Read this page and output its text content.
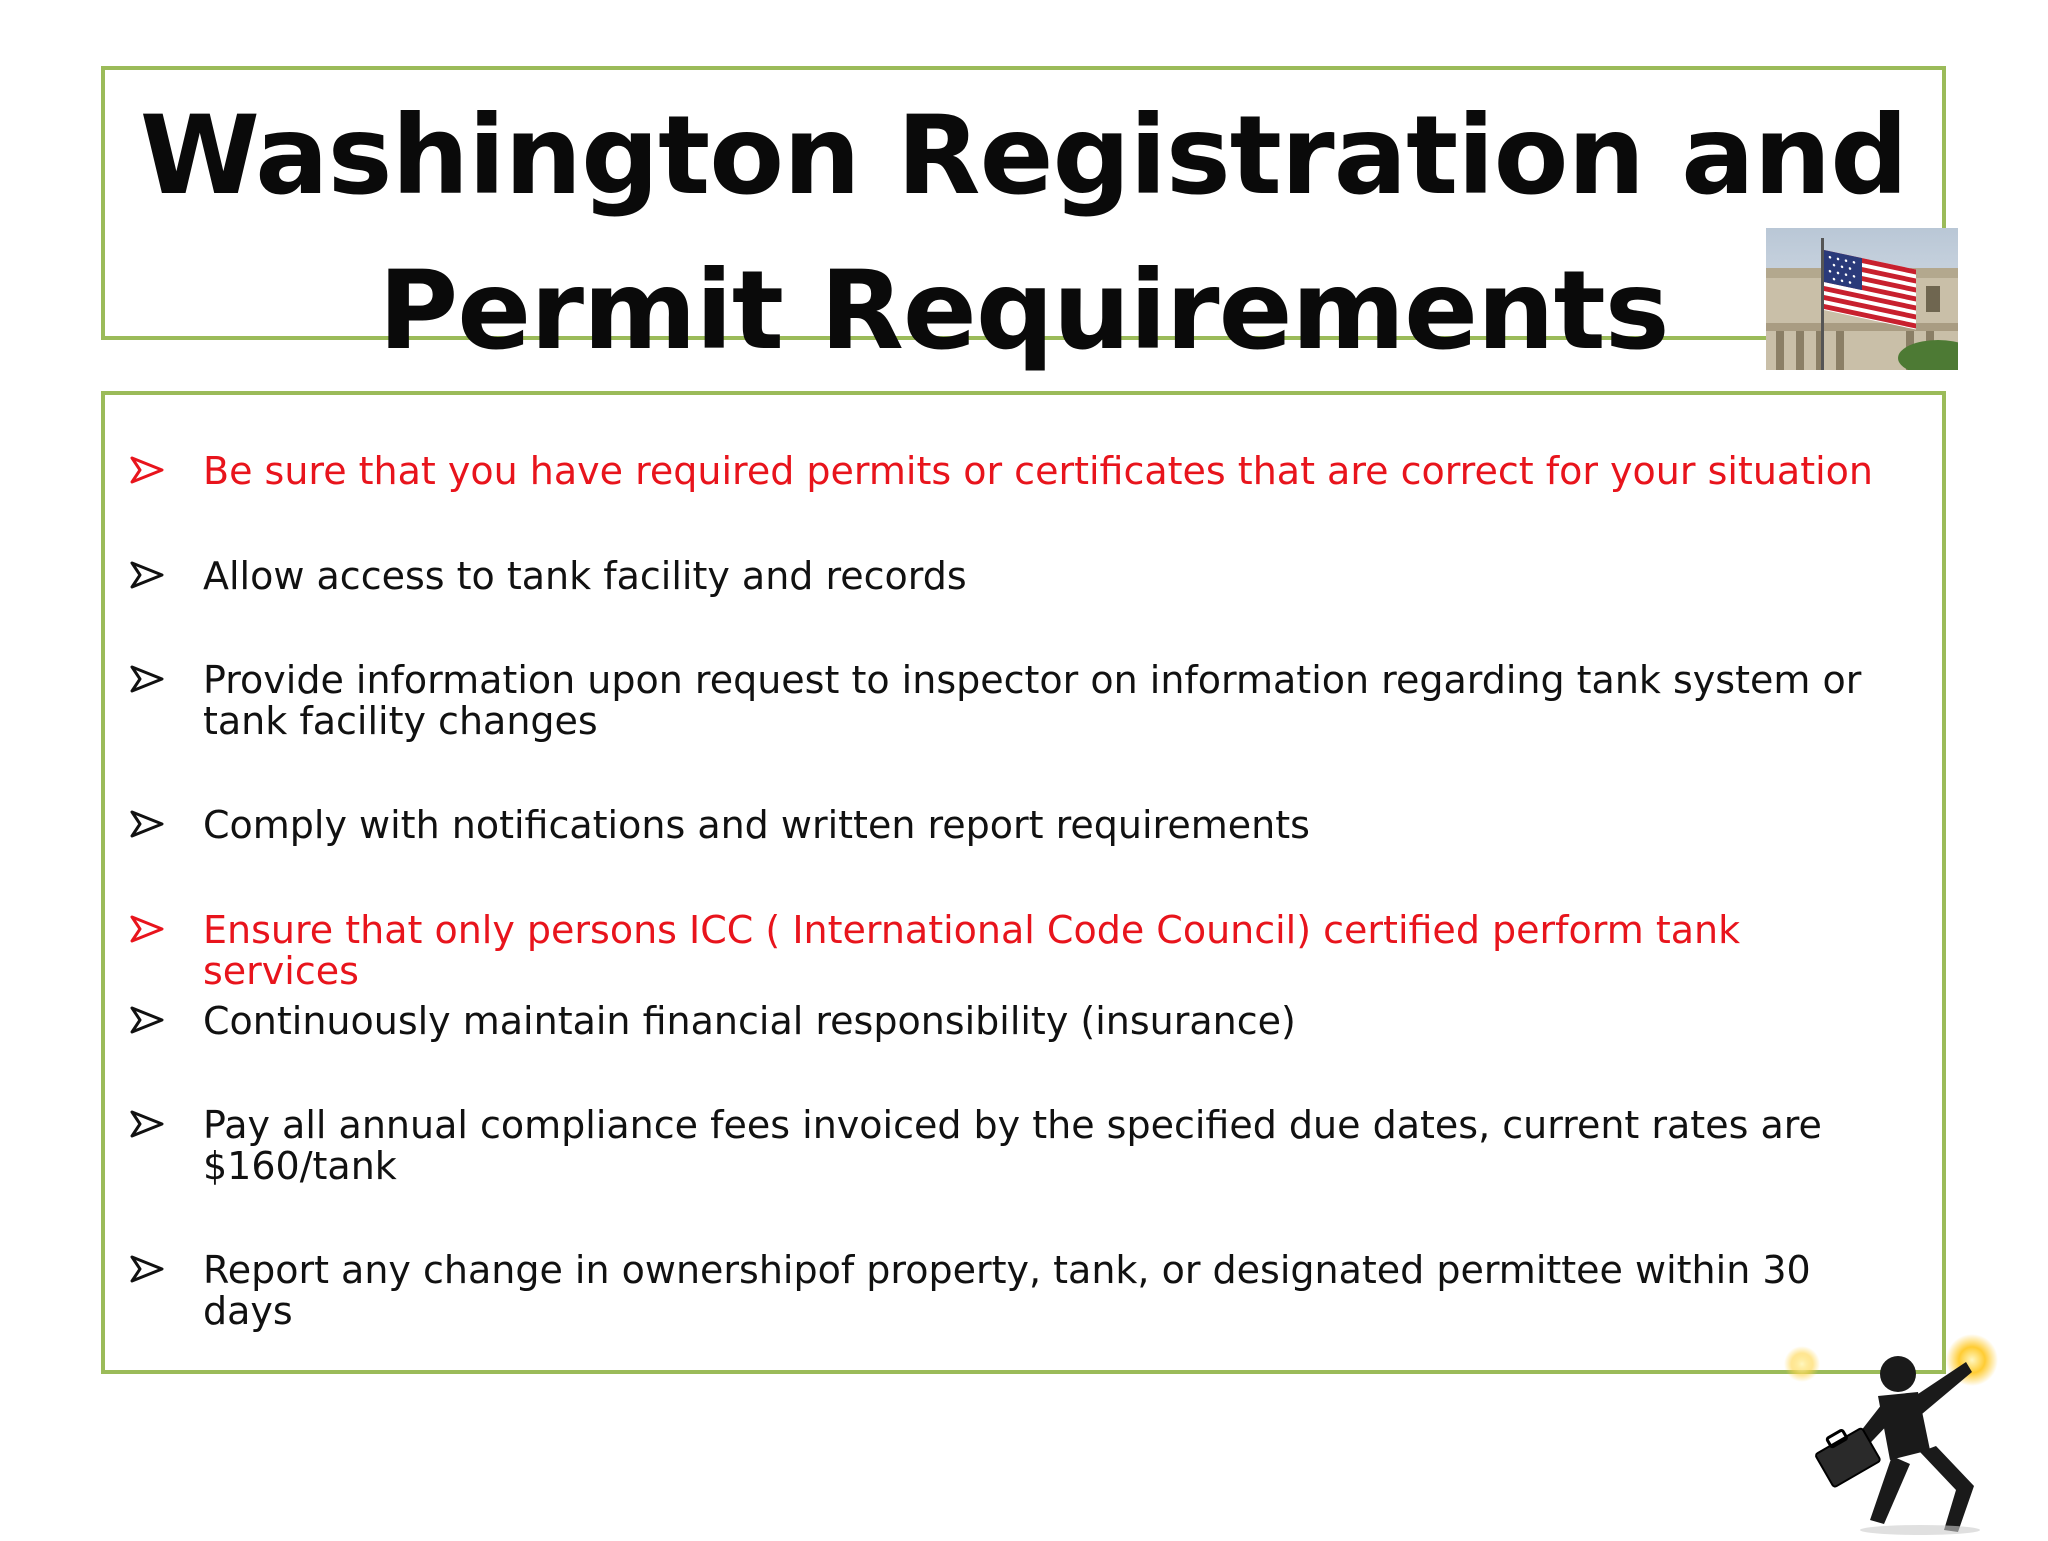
Washington Registration and
Permit Requirements
Be sure that you have required permits or certificates that are correct for your situation
Allow access to tank facility and records
Provide information upon request to inspector on information regarding tank system or tank facility changes
Comply with notifications and written report requirements
Ensure that only persons ICC ( International Code Council) certified perform tank services
Continuously maintain financial responsibility (insurance)
Pay all annual compliance fees invoiced by the specified due dates, current rates are $160/tank
Report any change in ownershipof property, tank, or designated permittee within 30 days
